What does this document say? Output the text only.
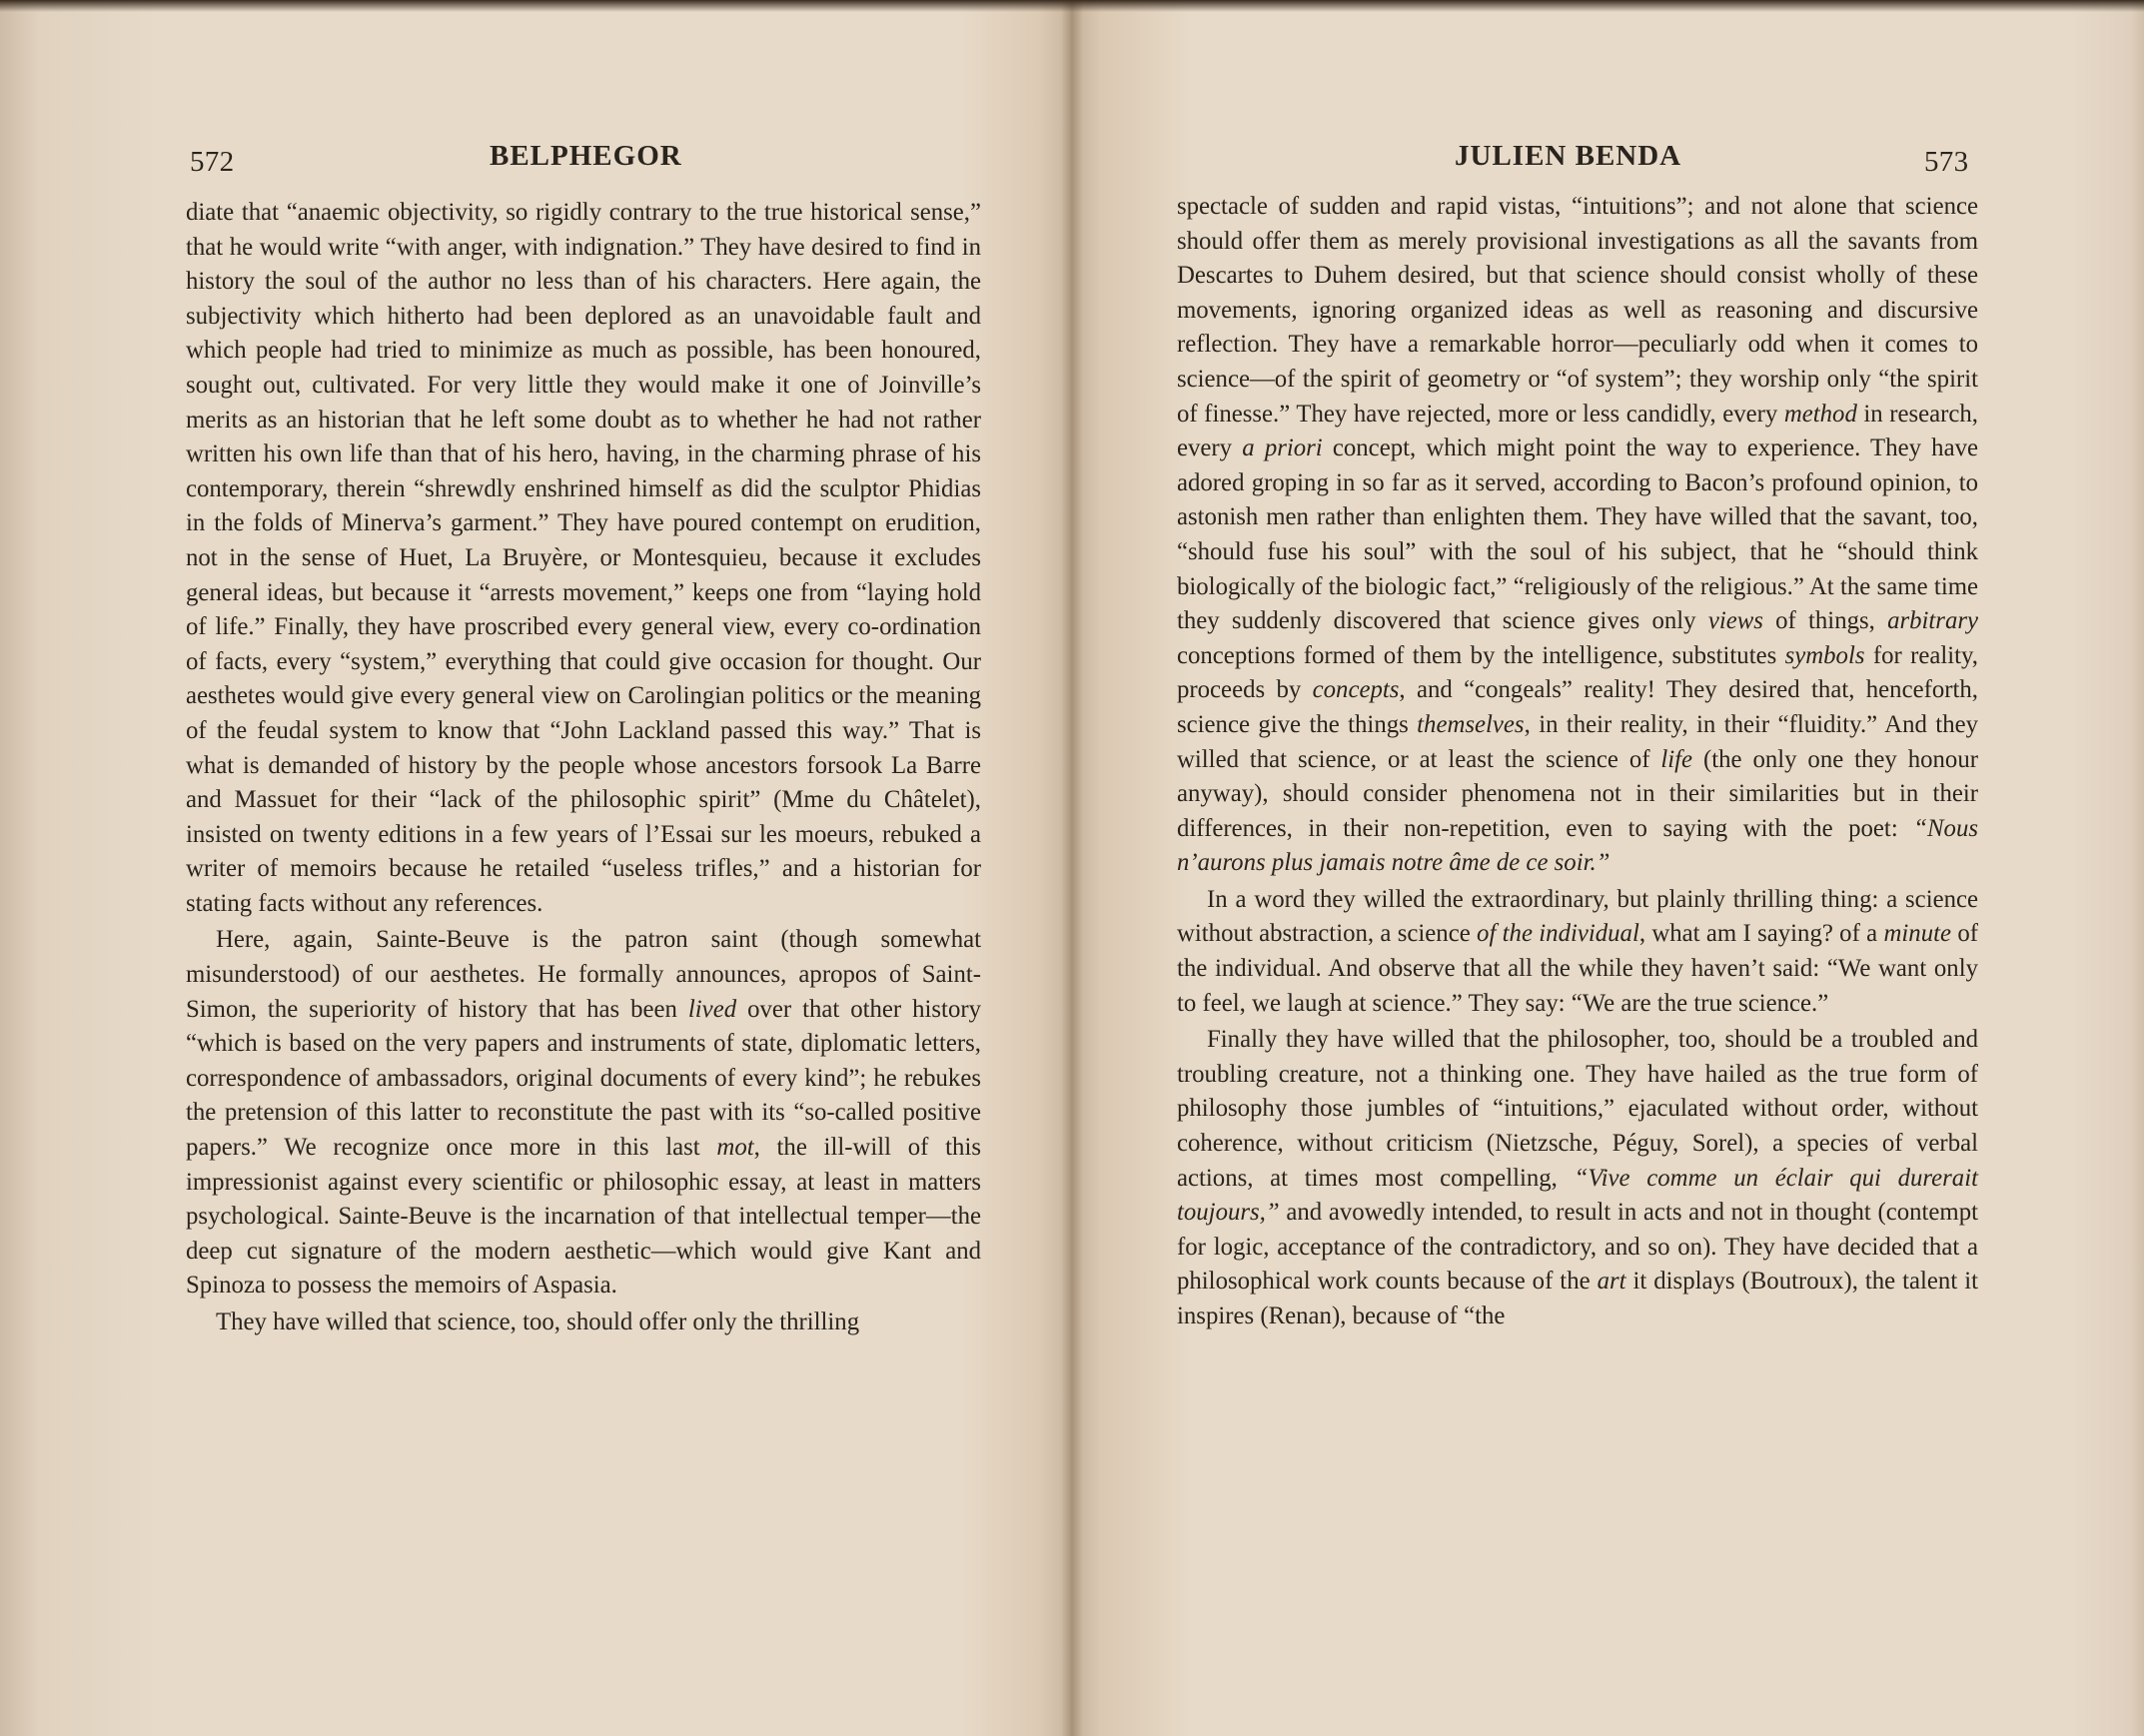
572	BELPHEGOR

diate that “anaemic objectivity, so rigidly contrary to the true historical sense,” that he would write “with anger, with indignation.” They have desired to find in history the soul of the author no less than of his characters. Here again, the subjectivity which hitherto had been deplored as an unavoidable fault and which people had tried to minimize as much as possible, has been honoured, sought out, cultivated. For very little they would make it one of Joinville’s merits as an historian that he left some doubt as to whether he had not rather written his own life than that of his hero, having, in the charming phrase of his contemporary, therein “shrewdly enshrined himself as did the sculptor Phidias in the folds of Minerva’s garment.” They have poured contempt on erudition, not in the sense of Huet, La Bruyère, or Montesquieu, because it excludes general ideas, but because it “arrests movement,” keeps one from “laying hold of life.” Finally, they have proscribed every general view, every co-ordination of facts, every “system,” everything that could give occasion for thought. Our aesthetes would give every general view on Carolingian politics or the meaning of the feudal system to know that “John Lackland passed this way.” That is what is demanded of history by the people whose ancestors forsook La Barre and Massuet for their “lack of the philosophic spirit” (Mme du Châtelet), insisted on twenty editions in a few years of l’Essai sur les moeurs, rebuked a writer of memoirs because he retailed “useless trifles,” and a historian for stating facts without any references.

Here, again, Sainte-Beuve is the patron saint (though somewhat misunderstood) of our aesthetes. He formally announces, apropos of Saint-Simon, the superiority of history that has been lived over that other history “which is based on the very papers and instruments of state, diplomatic letters, correspondence of ambassadors, original documents of every kind”; he rebukes the pretension of this latter to reconstitute the past with its “so-called positive papers.” We recognize once more in this last mot, the ill-will of this impressionist against every scientific or philosophic essay, at least in matters psychological. Sainte-Beuve is the incarnation of that intellectual temper—the deep cut signature of the modern aesthetic—which would give Kant and Spinoza to possess the memoirs of Aspasia.

They have willed that science, too, should offer only the thrilling

JULIEN BENDA	573

spectacle of sudden and rapid vistas, “intuitions”; and not alone that science should offer them as merely provisional investigations as all the savants from Descartes to Duhem desired, but that science should consist wholly of these movements, ignoring organized ideas as well as reasoning and discursive reflection. They have a remarkable horror—peculiarly odd when it comes to science—of the spirit of geometry or “of system”; they worship only “the spirit of finesse.” They have rejected, more or less candidly, every method in research, every a priori concept, which might point the way to experience. They have adored groping in so far as it served, according to Bacon’s profound opinion, to astonish men rather than enlighten them. They have willed that the savant, too, “should fuse his soul” with the soul of his subject, that he “should think biologically of the biologic fact,” “religiously of the religious.” At the same time they suddenly discovered that science gives only views of things, arbitrary conceptions formed of them by the intelligence, substitutes symbols for reality, proceeds by concepts, and “congeals” reality! They desired that, henceforth, science give the things themselves, in their reality, in their “fluidity.” And they willed that science, or at least the science of life (the only one they honour anyway), should consider phenomena not in their similarities but in their differences, in their non-repetition, even to saying with the poet: “Nous n’aurons plus jamais notre âme de ce soir.”

In a word they willed the extraordinary, but plainly thrilling thing: a science without abstraction, a science of the individual, what am I saying? of a minute of the individual. And observe that all the while they haven’t said: “We want only to feel, we laugh at science.” They say: “We are the true science.”

Finally they have willed that the philosopher, too, should be a troubled and troubling creature, not a thinking one. They have hailed as the true form of philosophy those jumbles of “intuitions,” ejaculated without order, without coherence, without criticism (Nietzsche, Péguy, Sorel), a species of verbal actions, at times most compelling, “Vive comme un éclair qui durerait toujours,” and avowedly intended, to result in acts and not in thought (contempt for logic, acceptance of the contradictory, and so on). They have decided that a philosophical work counts because of the art it displays (Boutroux), the talent it inspires (Renan), because of “the
